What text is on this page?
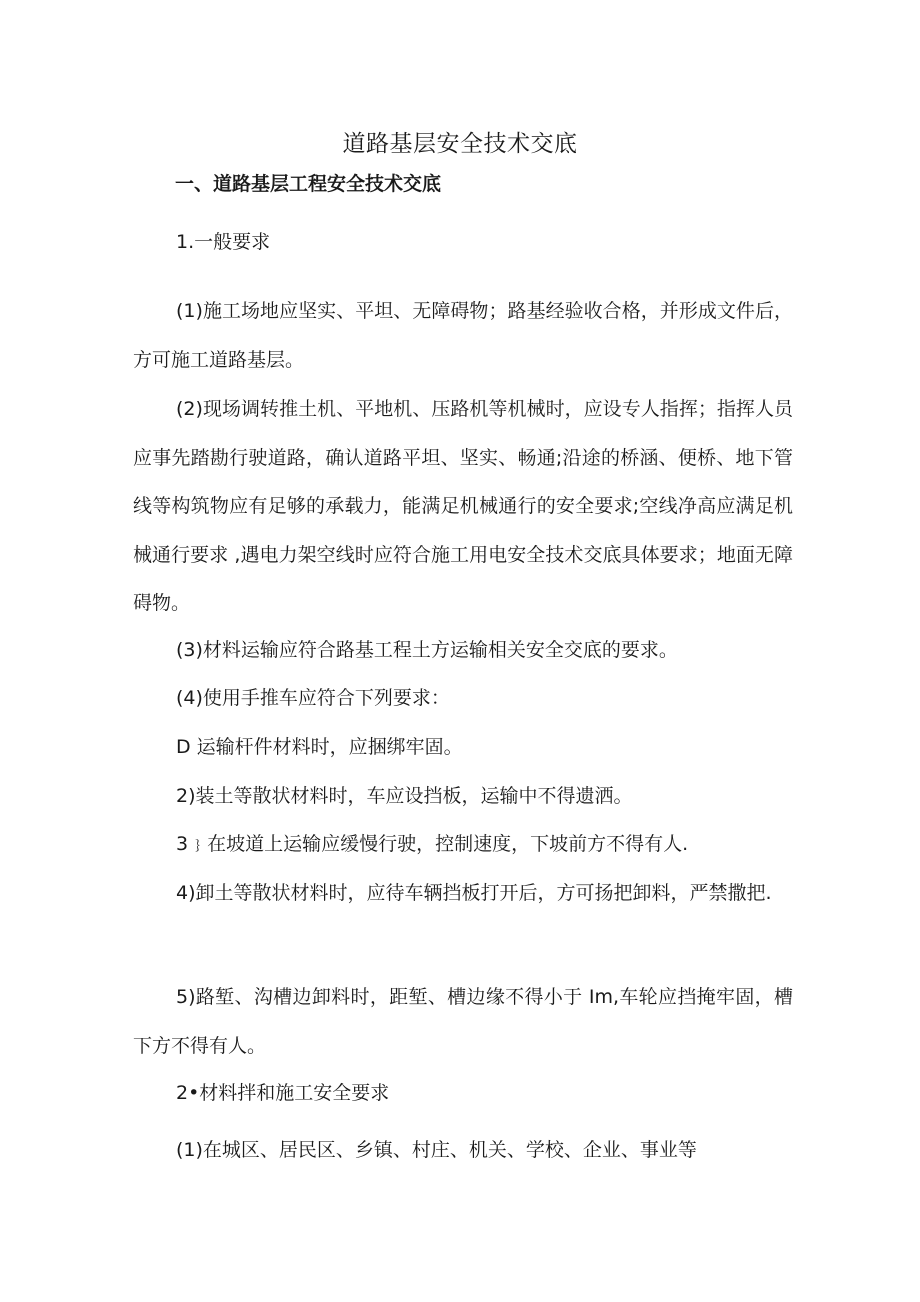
道路基层安全技术交底
一、道路基层工程安全技术交底
1.一般要求

(1)施工场地应坚实、平坦、无障碍物；路基经验收合格，并形成文件后，方可施工道路基层。

(2)现场调转推土机、平地机、压路机等机械时，应设专人指挥；指挥人员应事先踏勘行驶道路，确认道路平坦、坚实、畅通;沿途的桥涵、便桥、地下管线等构筑物应有足够的承载力，能满足机械通行的安全要求;空线净高应满足机械通行要求 ,遇电力架空线时应符合施工用电安全技术交底具体要求；地面无障碍物。

(3)材料运输应符合路基工程土方运输相关安全交底的要求。
(4)使用手推车应符合下列要求：
D 运输杆件材料时，应捆绑牢固。
2)装土等散状材料时，车应设挡板，运输中不得遗洒。
3﹜在坡道上运输应缓慢行驶，控制速度，下坡前方不得有人.

4)卸土等散状材料时，应待车辆挡板打开后，方可扬把卸料，严禁撒把.

5)路堑、沟槽边卸料时，距堑、槽边缘不得小于 Im,车轮应挡掩牢固，槽下方不得有人。

2•材料拌和施工安全要求
(1)在城区、居民区、乡镇、村庄、机关、学校、企业、事业等
